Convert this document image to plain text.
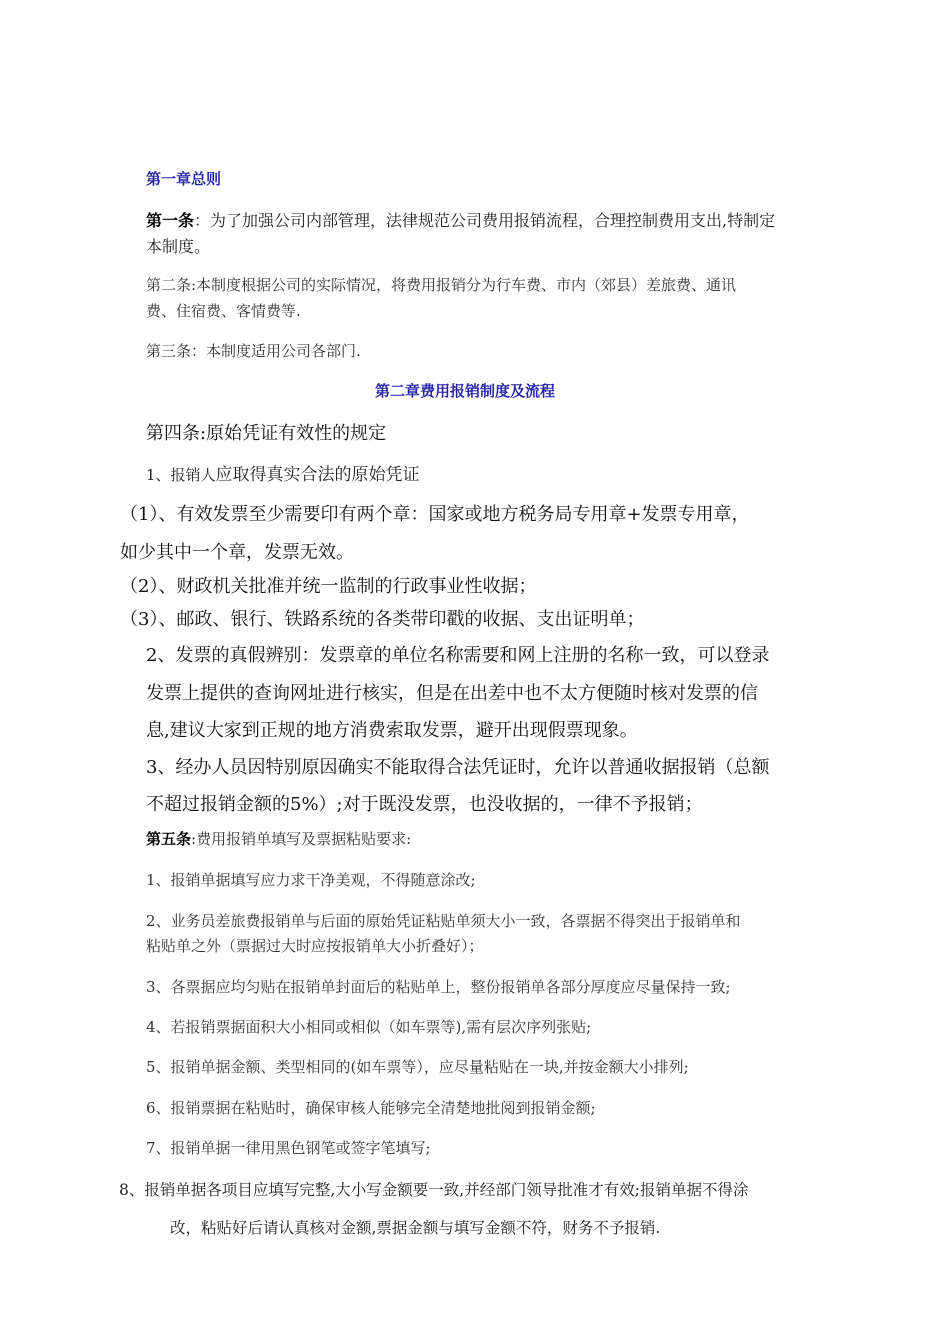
第一章总则
第一条：为了加强公司内部管理，法律规范公司费用报销流程，合理控制费用支出,特制定
本制度。
第二条:本制度根据公司的实际情况，将费用报销分为行车费、市内（郊县）差旅费、通讯
费、住宿费、客情费等.
第三条：本制度适用公司各部门.
第二章费用报销制度及流程
第四条:原始凭证有效性的规定
1、报销人应取得真实合法的原始凭证
（1）、有效发票至少需要印有两个章：国家或地方税务局专用章+发票专用章，
如少其中一个章，发票无效。
（2）、财政机关批准并统一监制的行政事业性收据；
（3）、邮政、银行、铁路系统的各类带印戳的收据、支出证明单；
2、发票的真假辨别：发票章的单位名称需要和网上注册的名称一致，可以登录
发票上提供的查询网址进行核实，但是在出差中也不太方便随时核对发票的信
息,建议大家到正规的地方消费索取发票，避开出现假票现象。
3、经办人员因特别原因确实不能取得合法凭证时，允许以普通收据报销（总额
不超过报销金额的5%）;对于既没发票，也没收据的，一律不予报销；
第五条:费用报销单填写及票据粘贴要求:
1、报销单据填写应力求干净美观，不得随意涂改;
2、业务员差旅费报销单与后面的原始凭证粘贴单须大小一致，各票据不得突出于报销单和
粘贴单之外（票据过大时应按报销单大小折叠好）；
3、各票据应均匀贴在报销单封面后的粘贴单上，整份报销单各部分厚度应尽量保持一致;
4、若报销票据面积大小相同或相似（如车票等),需有层次序列张贴;
5、报销单据金额、类型相同的(如车票等），应尽量粘贴在一块,并按金额大小排列;
6、报销票据在粘贴时，确保审核人能够完全清楚地批阅到报销金额;
7、报销单据一律用黑色钢笔或签字笔填写;
8、报销单据各项目应填写完整,大小写金额要一致,并经部门领导批准才有效;报销单据不得涂
改，粘贴好后请认真核对金额,票据金额与填写金额不符，财务不予报销.
